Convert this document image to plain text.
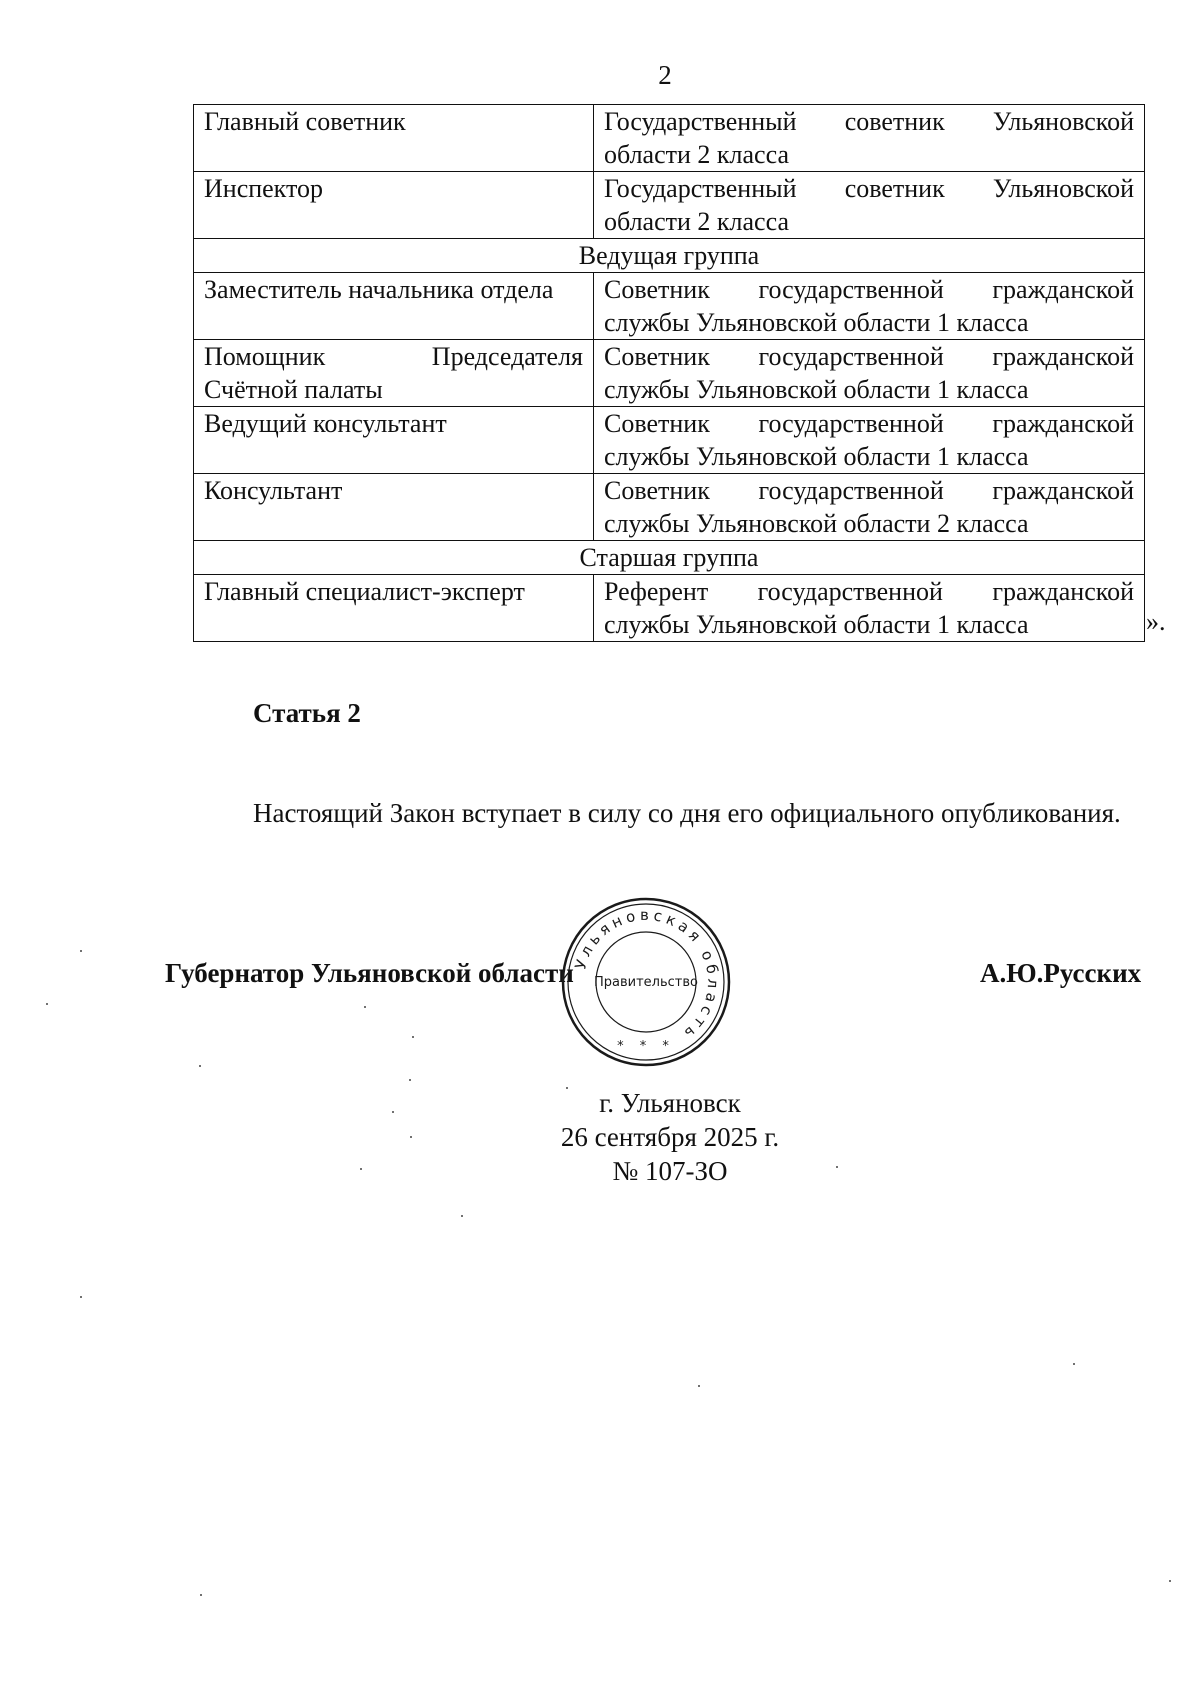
2
Главный советник	Государственный советник Ульяновской области 2 класса
Инспектор	Государственный советник Ульяновской области 2 класса
Ведущая группа	
Заместитель начальника отдела	Советник государственной гражданской службы Ульяновской области 1 класса
Помощник Председателя Счётной палаты	Советник государственной гражданской службы Ульяновской области 1 класса
Ведущий консультант	Советник государственной гражданской службы Ульяновской области 1 класса
Консультант	Советник государственной гражданской службы Ульяновской области 2 класса
Старшая группа	
Главный специалист-эксперт	Референт государственной гражданской службы Ульяновской области 1 класса	».
Статья 2
Настоящий Закон вступает в силу со дня его официального опубликования.
Губернатор Ульяновской области
Ульяновская область
Правительство
* * *
А.Ю.Русских
г. Ульяновск
26 сентября 2025 г.
№ 107-ЗО
